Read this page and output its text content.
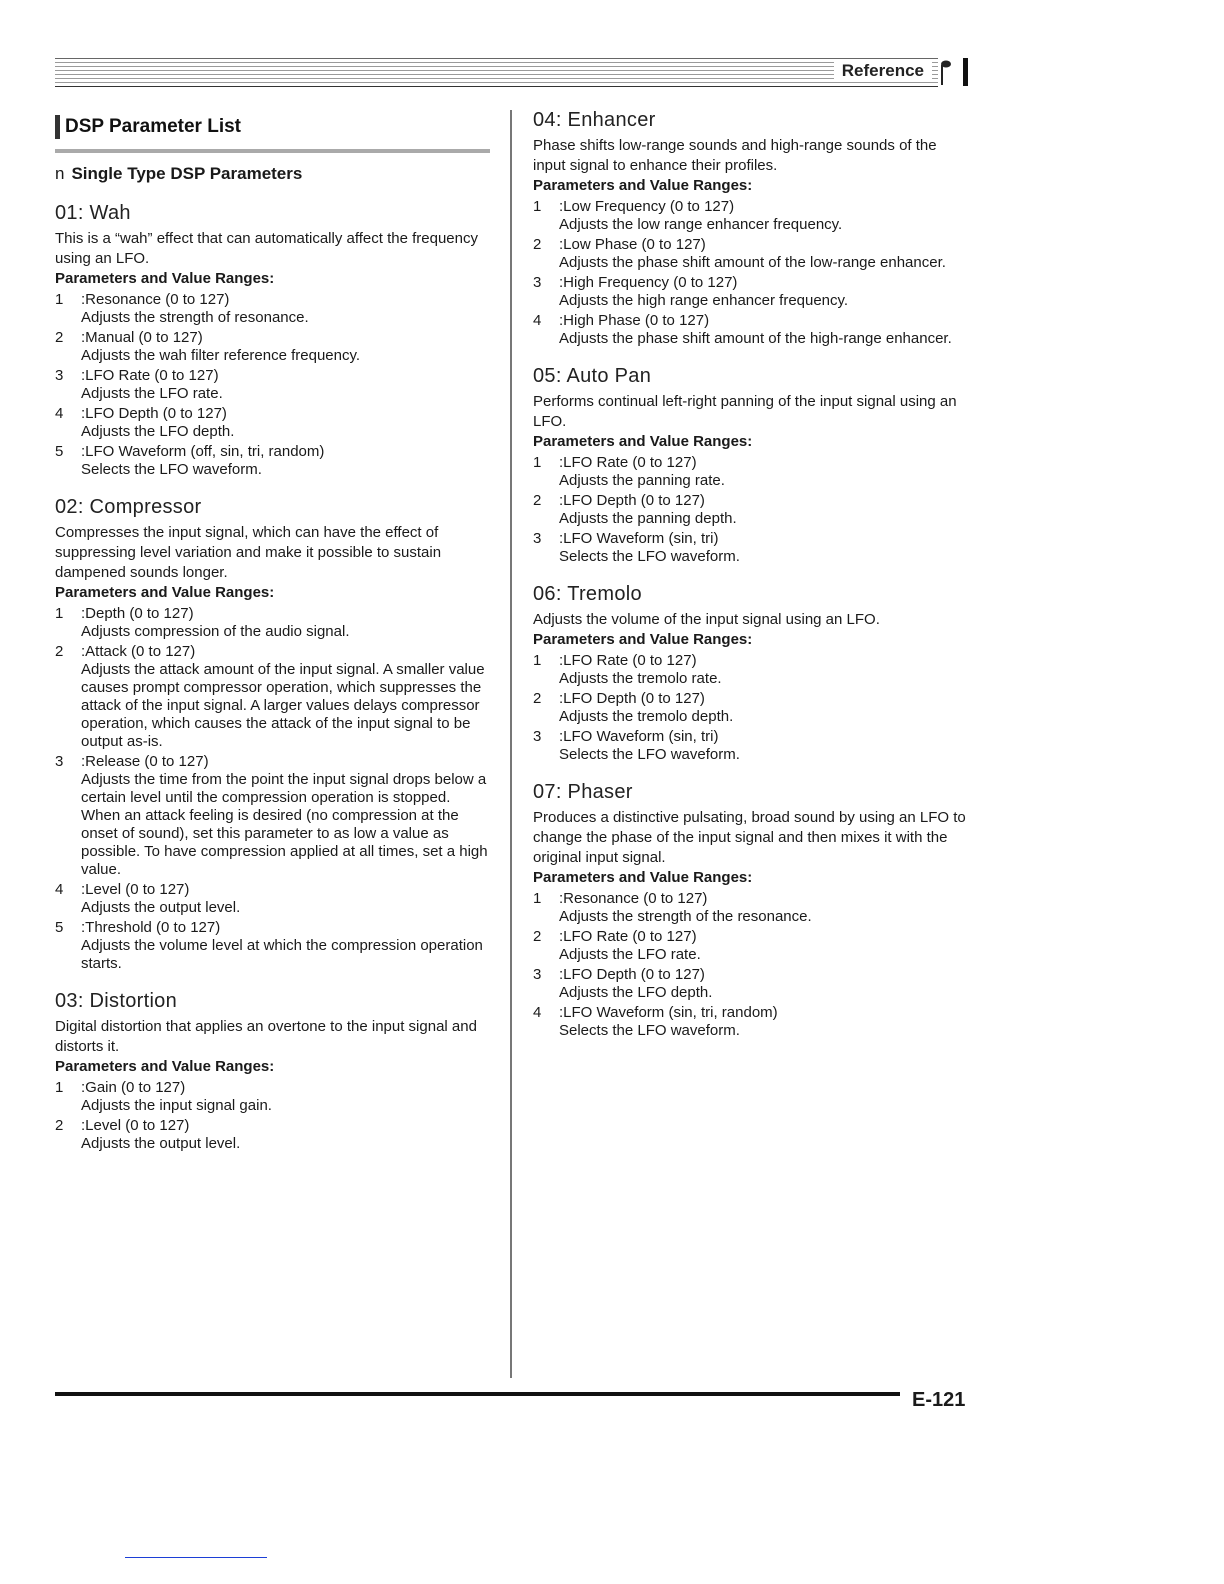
Reference
DSP Parameter List
n Single Type DSP Parameters
01: Wah
This is a “wah” effect that can automatically affect the frequency using an LFO.
Parameters and Value Ranges:
1	:Resonance (0 to 127)
Adjusts the strength of resonance.
2	:Manual (0 to 127)
Adjusts the wah filter reference frequency.
3	:LFO Rate (0 to 127)
Adjusts the LFO rate.
4	:LFO Depth (0 to 127)
Adjusts the LFO depth.
5	:LFO Waveform (off, sin, tri, random)
Selects the LFO waveform.
02: Compressor
Compresses the input signal, which can have the effect of suppressing level variation and make it possible to sustain dampened sounds longer.
Parameters and Value Ranges:
1	:Depth (0 to 127)
Adjusts compression of the audio signal.
2	:Attack (0 to 127)
Adjusts the attack amount of the input signal. A smaller value causes prompt compressor operation, which suppresses the attack of the input signal. A larger values delays compressor operation, which causes the attack of the input signal to be output as-is.
3	:Release (0 to 127)
Adjusts the time from the point the input signal drops below a certain level until the compression operation is stopped. When an attack feeling is desired (no compression at the onset of sound), set this parameter to as low a value as possible. To have compression applied at all times, set a high value.
4	:Level (0 to 127)
Adjusts the output level.
5	:Threshold (0 to 127)
Adjusts the volume level at which the compression operation starts.
03: Distortion
Digital distortion that applies an overtone to the input signal and distorts it.
Parameters and Value Ranges:
1	:Gain (0 to 127)
Adjusts the input signal gain.
2	:Level (0 to 127)
Adjusts the output level.
04: Enhancer
Phase shifts low-range sounds and high-range sounds of the input signal to enhance their profiles.
Parameters and Value Ranges:
1	:Low Frequency (0 to 127)
Adjusts the low range enhancer frequency.
2	:Low Phase (0 to 127)
Adjusts the phase shift amount of the low-range enhancer.
3	:High Frequency (0 to 127)
Adjusts the high range enhancer frequency.
4	:High Phase (0 to 127)
Adjusts the phase shift amount of the high-range enhancer.
05: Auto Pan
Performs continual left-right panning of the input signal using an LFO.
Parameters and Value Ranges:
1	:LFO Rate (0 to 127)
Adjusts the panning rate.
2	:LFO Depth (0 to 127)
Adjusts the panning depth.
3	:LFO Waveform (sin, tri)
Selects the LFO waveform.
06: Tremolo
Adjusts the volume of the input signal using an LFO.
Parameters and Value Ranges:
1	:LFO Rate (0 to 127)
Adjusts the tremolo rate.
2	:LFO Depth (0 to 127)
Adjusts the tremolo depth.
3	:LFO Waveform (sin, tri)
Selects the LFO waveform.
07: Phaser
Produces a distinctive pulsating, broad sound by using an LFO to change the phase of the input signal and then mixes it with the original input signal.
Parameters and Value Ranges:
1	:Resonance (0 to 127)
Adjusts the strength of the resonance.
2	:LFO Rate (0 to 127)
Adjusts the LFO rate.
3	:LFO Depth (0 to 127)
Adjusts the LFO depth.
4	:LFO Waveform (sin, tri, random)
Selects the LFO waveform.
E-121
